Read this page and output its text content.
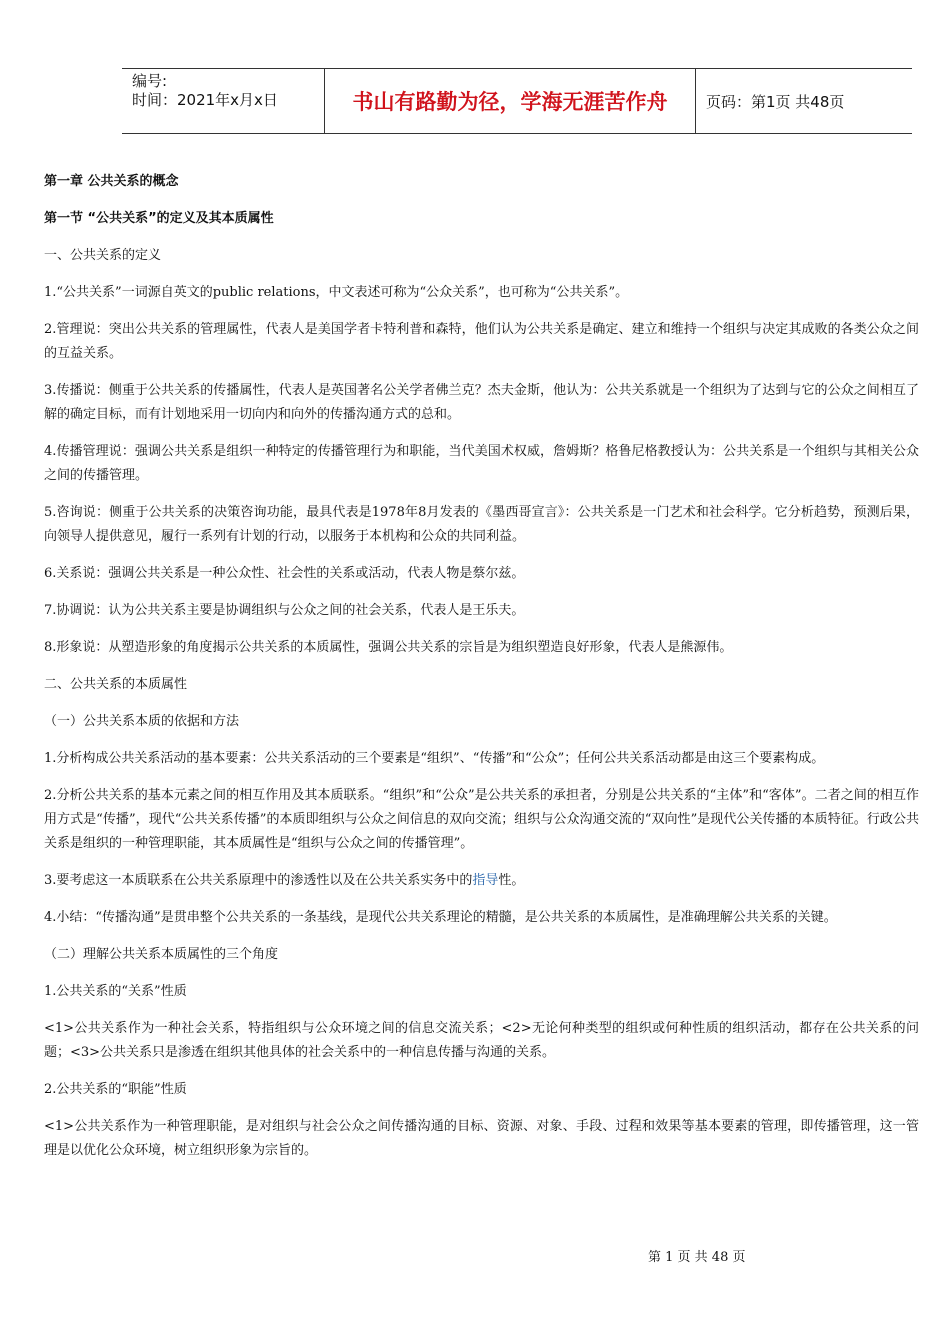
编号:
时间：2021年x月x日	书山有路勤为径，学海无涯苦作舟	页码：第1页 共48页

第一章 公共关系的概念

第一节 “公共关系”的定义及其本质属性

一、公共关系的定义

1.“公共关系”一词源自英文的public relations，中文表述可称为“公众关系”，也可称为“公共关系”。

2.管理说：突出公共关系的管理属性，代表人是美国学者卡特利普和森特，他们认为公共关系是确定、建立和维持一个组织与决定其成败的各类公众之间的互益关系。

3.传播说：侧重于公共关系的传播属性，代表人是英国著名公关学者佛兰克？杰夫金斯，他认为：公共关系就是一个组织为了达到与它的公众之间相互了解的确定目标，而有计划地采用一切向内和向外的传播沟通方式的总和。

4.传播管理说：强调公共关系是组织一种特定的传播管理行为和职能，当代美国术权威，詹姆斯？格鲁尼格教授认为：公共关系是一个组织与其相关公众之间的传播管理。

5.咨询说：侧重于公共关系的决策咨询功能，最具代表是1978年8月发表的《墨西哥宣言》：公共关系是一门艺术和社会科学。它分析趋势，预测后果，向领导人提供意见，履行一系列有计划的行动，以服务于本机构和公众的共同利益。

6.关系说：强调公共关系是一种公众性、社会性的关系或活动，代表人物是蔡尔兹。

7.协调说：认为公共关系主要是协调组织与公众之间的社会关系，代表人是王乐夫。

8.形象说：从塑造形象的角度揭示公共关系的本质属性，强调公共关系的宗旨是为组织塑造良好形象，代表人是熊源伟。

二、公共关系的本质属性

（一）公共关系本质的依据和方法

1.分析构成公共关系活动的基本要素：公共关系活动的三个要素是“组织”、“传播”和“公众”；任何公共关系活动都是由这三个要素构成。

2.分析公共关系的基本元素之间的相互作用及其本质联系。“组织”和“公众”是公共关系的承担者，分别是公共关系的“主体”和“客体”。二者之间的相互作用方式是“传播”，现代“公共关系传播”的本质即组织与公众之间信息的双向交流；组织与公众沟通交流的“双向性”是现代公关传播的本质特征。行政公共关系是组织的一种管理职能，其本质属性是“组织与公众之间的传播管理”。

3.要考虑这一本质联系在公共关系原理中的渗透性以及在公共关系实务中的指导性。

4.小结：“传播沟通”是贯串整个公共关系的一条基线，是现代公共关系理论的精髓，是公共关系的本质属性，是准确理解公共关系的关键。

（二）理解公共关系本质属性的三个角度

1.公共关系的“关系”性质

<1>公共关系作为一种社会关系，特指组织与公众环境之间的信息交流关系；<2>无论何种类型的组织或何种性质的组织活动，都存在公共关系的问题；<3>公共关系只是渗透在组织其他具体的社会关系中的一种信息传播与沟通的关系。

2.公共关系的“职能”性质

<1>公共关系作为一种管理职能，是对组织与社会公众之间传播沟通的目标、资源、对象、手段、过程和效果等基本要素的管理，即传播管理，这一管理是以优化公众环境，树立组织形象为宗旨的。

第 1 页 共 48 页
